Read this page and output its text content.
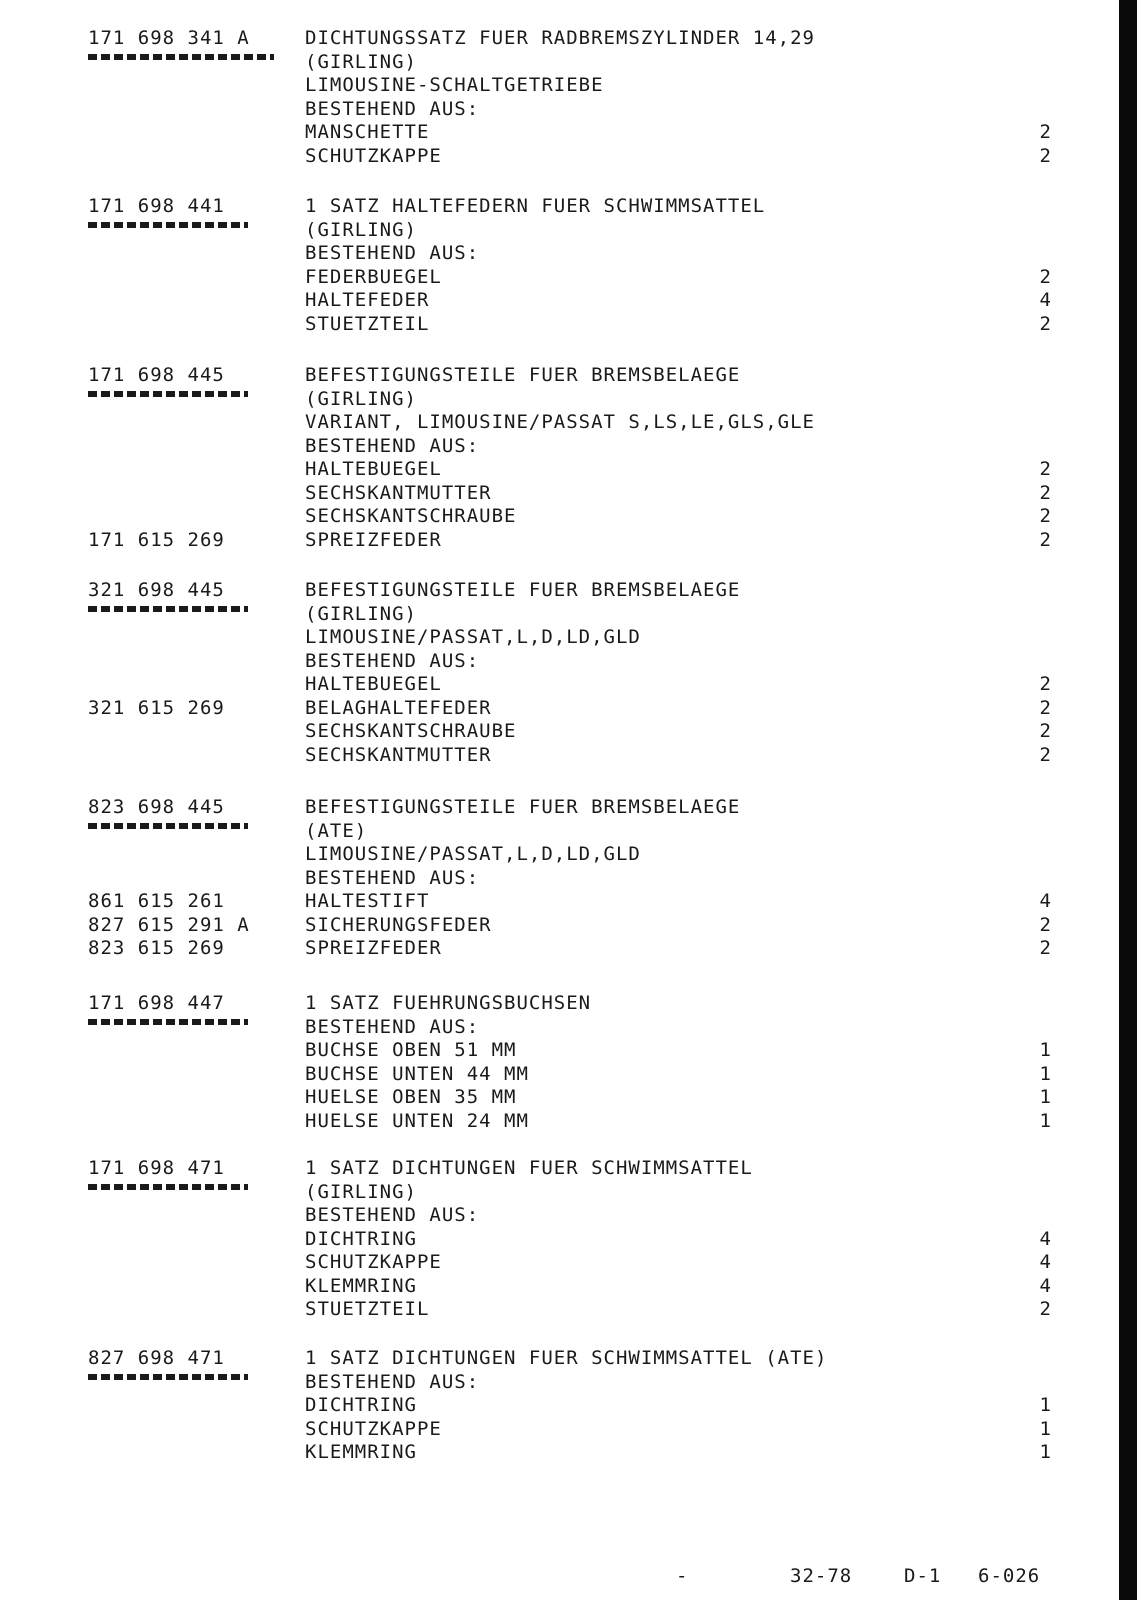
171 698 341 A	DICHTUNGSSATZ FUER RADBREMSZYLINDER 14,29
(GIRLING)
LIMOUSINE-SCHALTGETRIEBE
BESTEHEND AUS:
MANSCHETTE	2
SCHUTZKAPPE	2
171 698 441	1 SATZ HALTEFEDERN FUER SCHWIMMSATTEL
(GIRLING)
BESTEHEND AUS:
FEDERBUEGEL	2
HALTEFEDER	4
STUETZTEIL	2
171 698 445	BEFESTIGUNGSTEILE FUER BREMSBELAEGE
(GIRLING)
VARIANT, LIMOUSINE/PASSAT S,LS,LE,GLS,GLE
BESTEHEND AUS:
HALTEBUEGEL	2
SECHSKANTMUTTER	2
SECHSKANTSCHRAUBE	2
171 615 269	SPREIZFEDER	2
321 698 445	BEFESTIGUNGSTEILE FUER BREMSBELAEGE
(GIRLING)
LIMOUSINE/PASSAT,L,D,LD,GLD
BESTEHEND AUS:
HALTEBUEGEL	2
321 615 269	BELAGHALTEFEDER	2
SECHSKANTSCHRAUBE	2
SECHSKANTMUTTER	2
823 698 445	BEFESTIGUNGSTEILE FUER BREMSBELAEGE
(ATE)
LIMOUSINE/PASSAT,L,D,LD,GLD
BESTEHEND AUS:
861 615 261	HALTESTIFT	4
827 615 291 A	SICHERUNGSFEDER	2
823 615 269	SPREIZFEDER	2
171 698 447	1 SATZ FUEHRUNGSBUCHSEN
BESTEHEND AUS:
BUCHSE OBEN 51 MM	1
BUCHSE UNTEN 44 MM	1
HUELSE OBEN 35 MM	1
HUELSE UNTEN 24 MM	1
171 698 471	1 SATZ DICHTUNGEN FUER SCHWIMMSATTEL
(GIRLING)
BESTEHEND AUS:
DICHTRING	4
SCHUTZKAPPE	4
KLEMMRING	4
STUETZTEIL	2
827 698 471	1 SATZ DICHTUNGEN FUER SCHWIMMSATTEL (ATE)
BESTEHEND AUS:
DICHTRING	1
SCHUTZKAPPE	1
KLEMMRING	1
-	32-78	D-1 6-026
